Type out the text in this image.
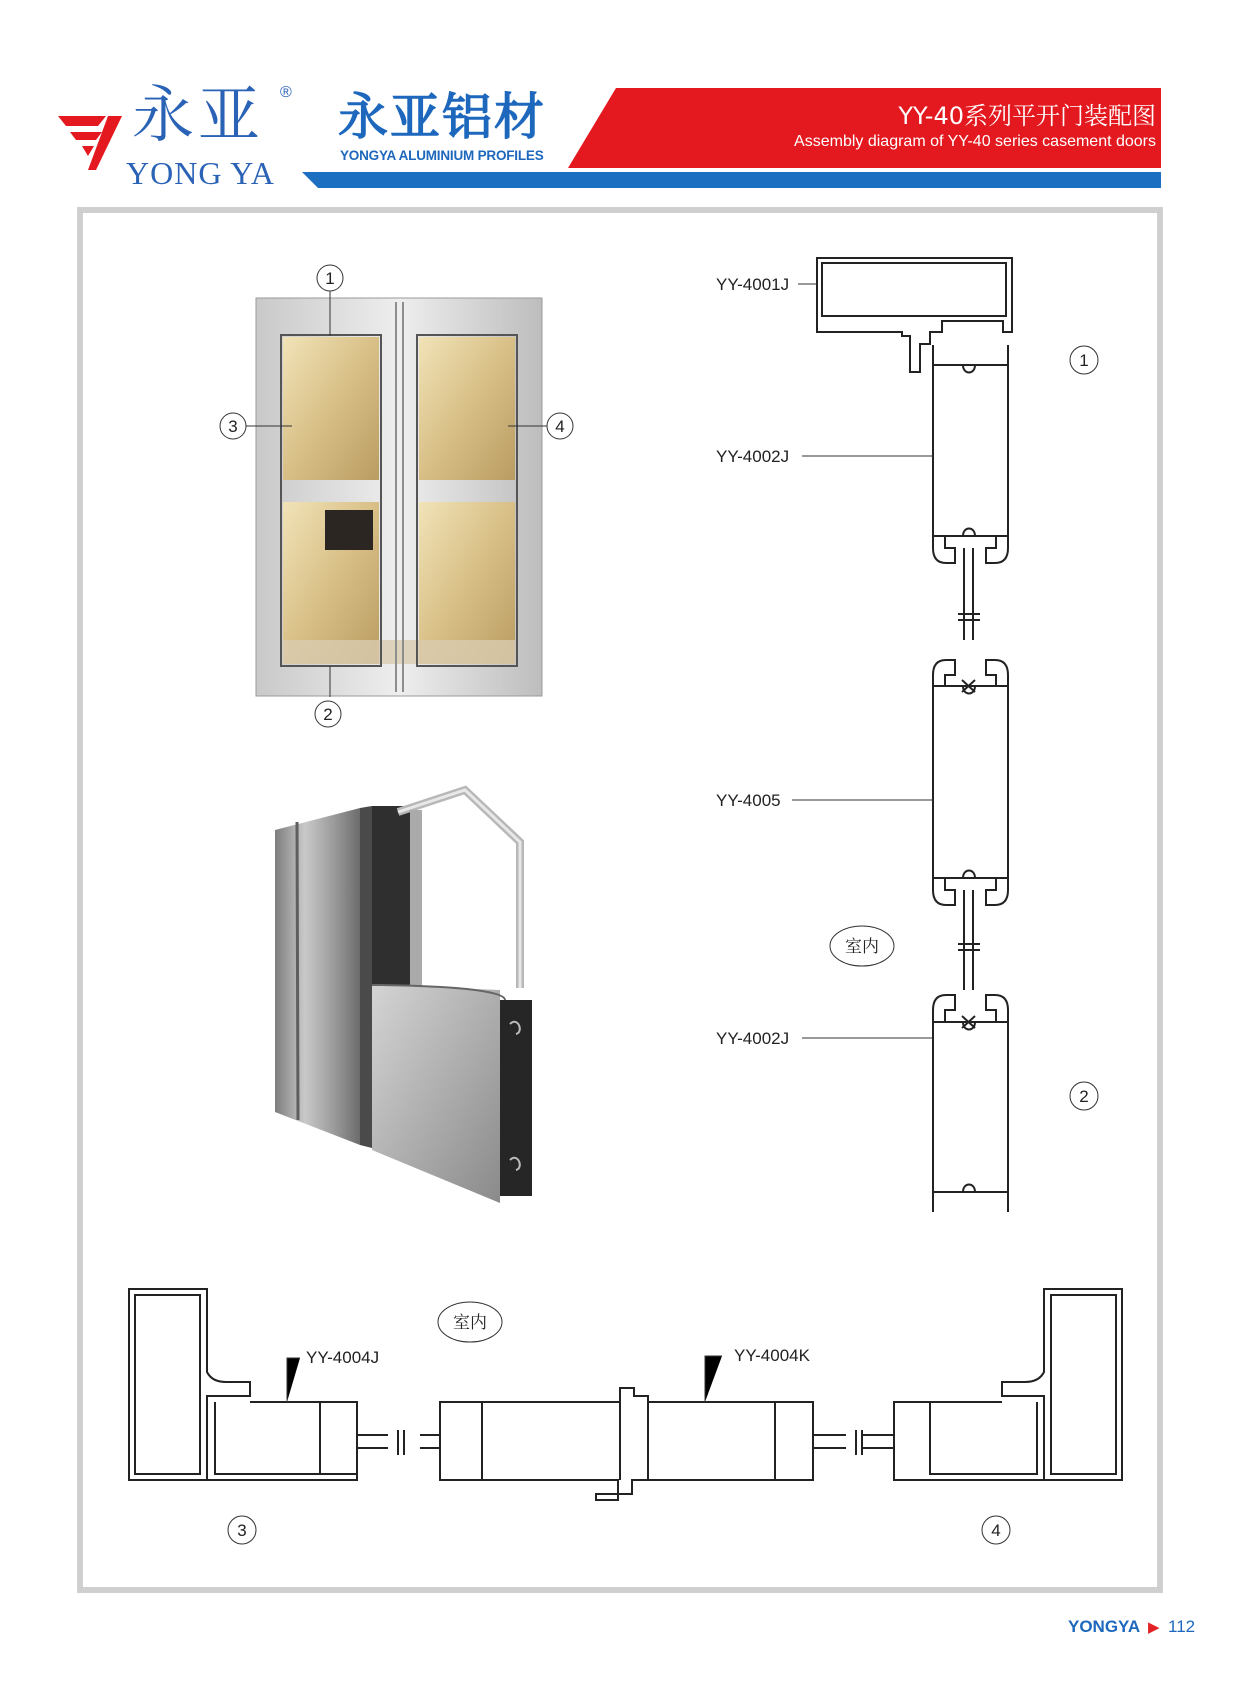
永亚 ®
YONG YA
永亚铝材
YONGYA ALUMINIUM PROFILES
YY-40系列平开门装配图
Assembly diagram of YY-40 series casement doors
1
2
3	4
YY-4001J
YY-4002J
YY-4005
YY-4002J
1
2
室内
YY-4004J	YY-4004K
室内
3	4
YONGYA ▶ 112
